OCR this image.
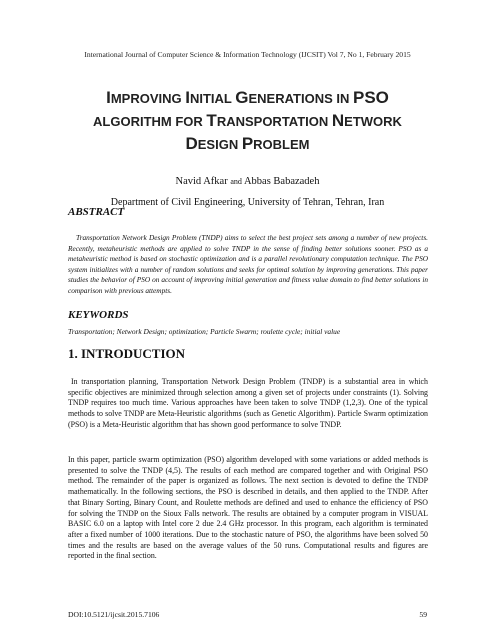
International Journal of Computer Science & Information Technology (IJCSIT) Vol 7, No 1, February 2015
IMPROVING INITIAL GENERATIONS IN PSO
ALGORITHM FOR TRANSPORTATION NETWORK
DESIGN PROBLEM
Navid Afkar and Abbas Babazadeh
Department of Civil Engineering, University of Tehran, Tehran, Iran
ABSTRACT
Transportation Network Design Problem (TNDP) aims to select the best project sets among a number of new projects. Recently, metaheuristic methods are applied to solve TNDP in the sense of finding better solutions sooner. PSO as a metaheuristic method is based on stochastic optimization and is a parallel revolutionary computation technique. The PSO system initializes with a number of random solutions and seeks for optimal solution by improving generations. This paper studies the behavior of PSO on account of improving initial generation and fitness value domain to find better solutions in comparison with previous attempts.
KEYWORDS
Transportation; Network Design; optimization; Particle Swarm; roulette cycle; initial value
1. INTRODUCTION
In transportation planning, Transportation Network Design Problem (TNDP) is a substantial area in which specific objectives are minimized through selection among a given set of projects under constraints (1). Solving TNDP requires too much time. Various approaches have been taken to solve TNDP (1,2,3). One of the typical methods to solve TNDP are Meta-Heuristic algorithms (such as Genetic Algorithm). Particle Swarm optimization (PSO) is a Meta-Heuristic algorithm that has shown good performance to solve TNDP.
In this paper, particle swarm optimization (PSO) algorithm developed with some variations or added methods is presented to solve the TNDP (4,5). The results of each method are compared together and with Original PSO method. The remainder of the paper is organized as follows. The next section is devoted to define the TNDP mathematically. In the following sections, the PSO is described in details, and then applied to the TNDP. After that Binary Sorting, Binary Count, and Roulette methods are defined and used to enhance the efficiency of PSO for solving the TNDP on the Sioux Falls network. The results are obtained by a computer program in VISUAL BASIC 6.0 on a laptop with Intel core 2 due 2.4 GHz processor. In this program, each algorithm is terminated after a fixed number of 1000 iterations. Due to the stochastic nature of PSO, the algorithms have been solved 50 times and the results are based on the average values of the 50 runs. Computational results and figures are reported in the final section.
DOI:10.5121/ijcsit.2015.7106	59
